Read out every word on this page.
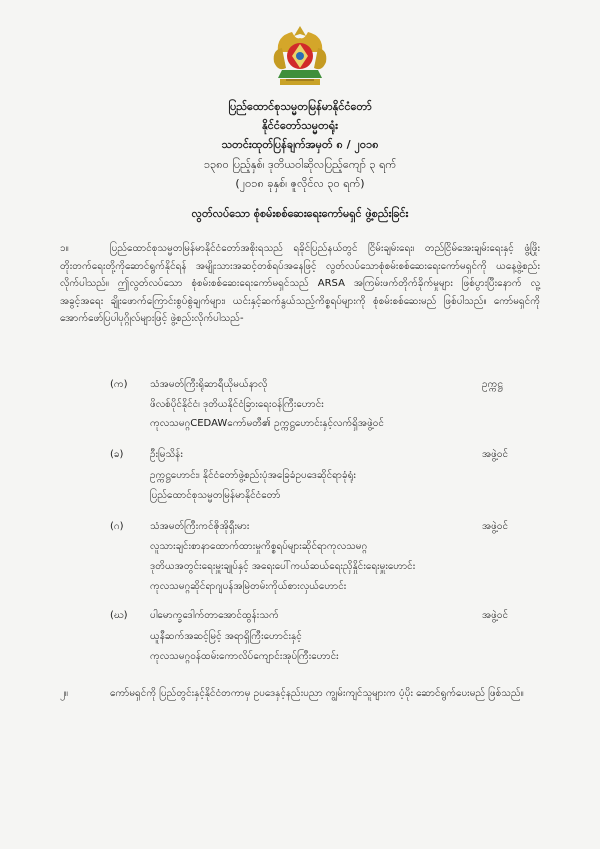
ပြည်ထောင်စုသမ္မတမြန်မာနိုင်ငံတော်
နိုင်ငံတော်သမ္မတရုံး
သတင်းထုတ်ပြန်ချက်အမှတ် ၈ / ၂၀၁၈
၁၃၈၀ ပြည့်နှစ်၊ ဒုတိယဝါဆိုလပြည့်ကျော် ၃ ရက်
(၂၀၁၈ ခုနှစ်၊ ဇူလိုင်လ ၃၀ ရက်)
လွတ်လပ်သော စုံစမ်းစစ်ဆေးရေးကော်မရှင် ဖွဲ့စည်းခြင်း
၁။	ပြည်ထောင်စုသမ္မတမြန်မာနိုင်ငံတော်အစိုးရသည် ရခိုင်ပြည်နယ်တွင် ငြိမ်းချမ်းရေး၊ တည်ငြိမ်အေးချမ်းရေးနှင့် ဖွံ့ဖြိုးတိုးတက်ရေးတို့ကိုဆောင်ရွက်နိုင်ရန် အမျိုးသားအဆင့်တစ်ရပ်အနေဖြင့် လွတ်လပ်သောစုံစမ်းစစ်ဆေးရေးကော်မရှင်ကို ယနေ့ဖွဲ့စည်းလိုက်ပါသည်။ ဤလွတ်လပ်သော စုံစမ်းစစ်ဆေးရေးကော်မရှင်သည် ARSA အကြမ်းဖက်တိုက်ခိုက်မှုများ ဖြစ်ပွားပြီးနောက် လူ့အခွင့်အရေး ချိုးဖောက်ကြောင်းစွပ်စွဲချက်များ၊ ယင်းနှင့်ဆက်နွယ်သည့်ကိစ္စရပ်များကို စုံစမ်းစစ်ဆေးမည် ဖြစ်ပါသည်။ ကော်မရှင်ကို အောက်ဖော်ပြပါပုဂ္ဂိုလ်များဖြင့် ဖွဲ့စည်းလိုက်ပါသည်-
(က) သံအမတ်ကြီးရိုဆာရီယိုမယ်နာလို	ဥက္ကဋ္ဌ
ဖိလစ်ပိုင်နိုင်ငံ၊ ဒုတိယနိုင်ငံခြားရေးဝန်ကြီးဟောင်း
ကုလသမဂ္ဂCEDAWကော်မတီ၏ ဥက္ကဋ္ဌဟောင်းနှင့်လက်ရှိအဖွဲ့ဝင်
(ခ)	ဦးမြသိန်း	အဖွဲ့ဝင်
ဥက္ကဋ္ဌဟောင်း၊ နိုင်ငံတော်ဖွဲ့စည်းပုံအခြေခံဥပဒေဆိုင်ရာခုံရုံး
ပြည်ထောင်စုသမ္မတမြန်မာနိုင်ငံတော်
(ဂ)	သံအမတ်ကြီးကင်ဇိုအိုရှီးမား	အဖွဲ့ဝင်
လူသားချင်းစာနာထောက်ထားမှုကိစ္စရပ်များဆိုင်ရာကုလသမဂ္ဂ
ဒုတိယအတွင်းရေးမှူးချုပ်နှင့် အရေးပေါ်ကယ်ဆယ်ရေးညှိနှိုင်းရေးမှူးဟောင်း
ကုလသမဂ္ဂဆိုင်ရာဂျပန်အမြဲတမ်းကိုယ်စားလှယ်ဟောင်း
(ဃ) ပါမောက္ခဒေါက်တာအောင်ထွန်းသက်	အဖွဲ့ဝင်
ယူနီဆက်အဆင့်မြင့် အရာရှိကြီးဟောင်းနှင့်
ကုလသမဂ္ဂဝန်ထမ်းကောလိပ်ကျောင်းအုပ်ကြီးဟောင်း
၂။	ကော်မရှင်ကို ပြည်တွင်းနှင့်နိုင်ငံတကာမှ ဥပဒေနှင့်နည်းပညာ ကျွမ်းကျင်သူများက ပံ့ပိုး ဆောင်ရွက်ပေးမည် ဖြစ်သည်။
